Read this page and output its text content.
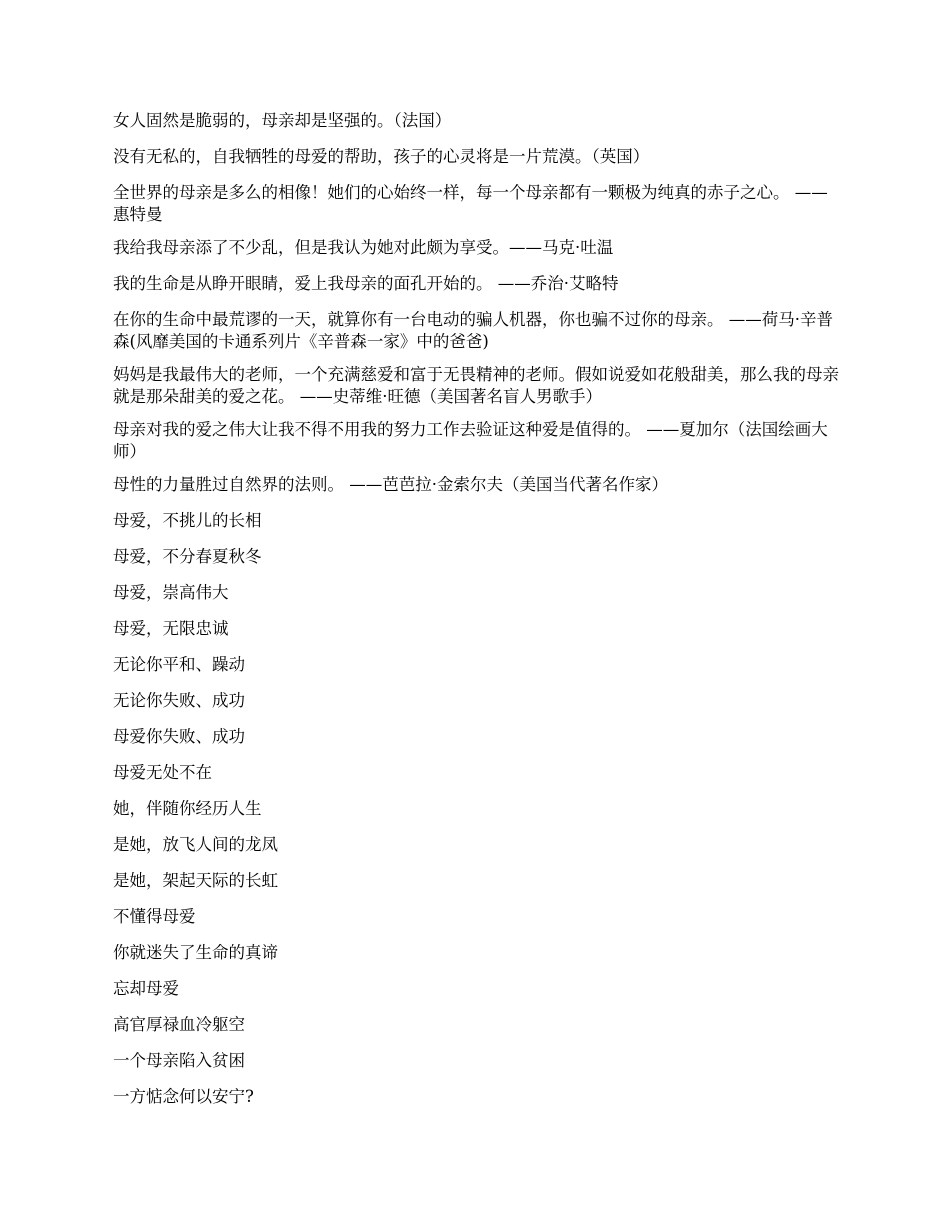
女人固然是脆弱的，母亲却是坚强的。（法国）

没有无私的，自我牺牲的母爱的帮助，孩子的心灵将是一片荒漠。（英国）

全世界的母亲是多么的相像！她们的心始终一样，每一个母亲都有一颗极为纯真的赤子之心。 ——惠特曼

我给我母亲添了不少乱，但是我认为她对此颇为享受。——马克·吐温

我的生命是从睁开眼睛，爱上我母亲的面孔开始的。 ——乔治·艾略特

在你的生命中最荒谬的一天，就算你有一台电动的骗人机器，你也骗不过你的母亲。 ——荷马·辛普森(风靡美国的卡通系列片《辛普森一家》中的爸爸)

妈妈是我最伟大的老师，一个充满慈爱和富于无畏精神的老师。假如说爱如花般甜美，那么我的母亲就是那朵甜美的爱之花。 ——史蒂维·旺德（美国著名盲人男歌手）

母亲对我的爱之伟大让我不得不用我的努力工作去验证这种爱是值得的。 ——夏加尔（法国绘画大师）

母性的力量胜过自然界的法则。 ——芭芭拉·金索尔夫（美国当代著名作家）

母爱，不挑儿的长相

母爱，不分春夏秋冬

母爱，崇高伟大

母爱，无限忠诚

无论你平和、躁动

无论你失败、成功

母爱你失败、成功

母爱无处不在

她，伴随你经历人生

是她，放飞人间的龙凤

是她，架起天际的长虹

不懂得母爱

你就迷失了生命的真谛

忘却母爱

高官厚禄血冷躯空

一个母亲陷入贫困

一方惦念何以安宁?
